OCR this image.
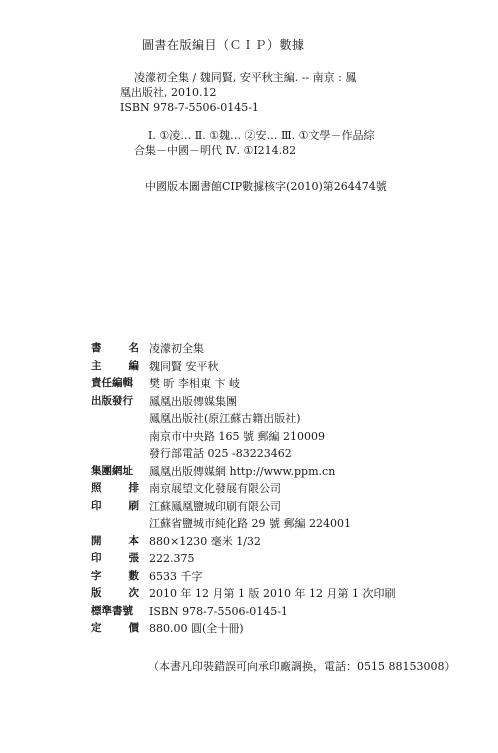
圖書在版編目（ＣＩＰ）數據

凌濛初全集 / 魏同賢, 安平秋主編. -- 南京 : 鳳

凰出版社, 2010.12

ISBN 978-7-5506-0145-1

Ⅰ. ①凌… Ⅱ. ①魏… ②安… Ⅲ. ①文學－作品綜

合集－中國－明代 Ⅳ. ①I214.82

中國版本圖書館CIP數據核字(2010)第264474號
書	名 凌濛初全集
主	編 魏同賢 安平秋
責任編輯	樊 昕 李相東 卞 岐
出版發行	鳳凰出版傳媒集團
鳳凰出版社(原江蘇古籍出版社)
南京市中央路 165 號 郵編 210009
發行部電話 025 -83223462
集團網址	鳳凰出版傳媒網 http://www.ppm.cn
照	排 南京展望文化發展有限公司
印	刷 江蘇鳳凰鹽城印刷有限公司
江蘇省鹽城市純化路 29 號 郵編 224001
開	本 880×1230 毫米 1/32
印	張 222.375
字	數 6533 千字
版	次 2010 年 12 月第 1 版 2010 年 12 月第 1 次印刷
標準書號	ISBN 978-7-5506-0145-1
定	價 880.00 圓(全十冊)
（本書凡印裝錯誤可向承印廠調换，電話：0515 88153008）
